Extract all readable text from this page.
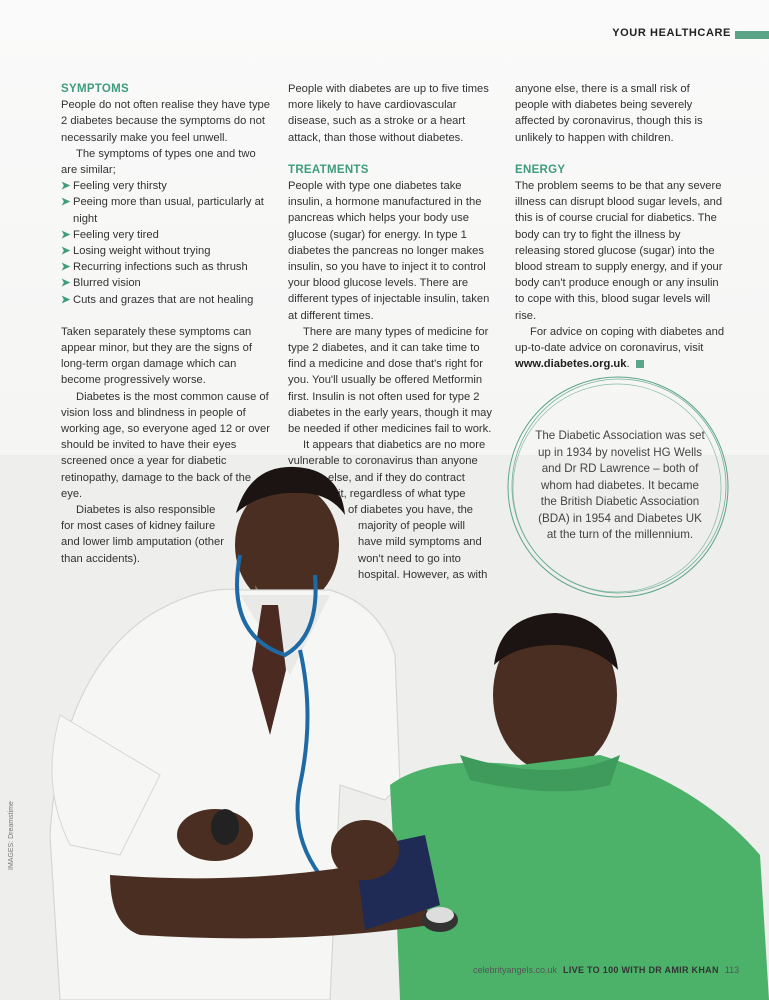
YOUR HEALTHCARE

SYMPTOMS

People do not often realise they have type 2 diabetes because the symptoms do not necessarily make you feel unwell.

The symptoms of types one and two are similar;

➤ Feeling very thirsty
➤ Peeing more than usual, particularly at night
➤ Feeling very tired
➤ Losing weight without trying
➤ Recurring infections such as thrush
➤ Blurred vision
➤ Cuts and grazes that are not healing

Taken separately these symptoms can appear minor, but they are the signs of long-term organ damage which can become progressively worse.

Diabetes is the most common cause of vision loss and blindness in people of working age, so everyone aged 12 or over should be invited to have their eyes screened once a year for diabetic retinopathy, damage to the back of the eye.

Diabetes is also responsible for most cases of kidney failure and lower limb amputation (other than accidents).

People with diabetes are up to five times more likely to have cardiovascular disease, such as a stroke or a heart attack, than those without diabetes.

TREATMENTS

People with type one diabetes take insulin, a hormone manufactured in the pancreas which helps your body use glucose (sugar) for energy. In type 1 diabetes the pancreas no longer makes insulin, so you have to inject it to control your blood glucose levels. There are different types of injectable insulin, taken at different times.

There are many types of medicine for type 2 diabetes, and it can take time to find a medicine and dose that's right for you. You'll usually be offered Metformin first. Insulin is not often used for type 2 diabetes in the early years, though it may be needed if other medicines fail to work.

It appears that diabetics are no more
vulnerable to coronavirus than anyone
else, and if they do contract
it, regardless of what type
of diabetes you have, the
majority of people will
have mild symptoms and
won't need to go into
hospital. However, as with

anyone else, there is a small risk of people with diabetes being severely affected by coronavirus, though this is unlikely to happen with children.

ENERGY

The problem seems to be that any severe illness can disrupt blood sugar levels, and this is of course crucial for diabetics. The body can try to fight the illness by releasing stored glucose (sugar) into the blood stream to supply energy, and if your body can't produce enough or any insulin to cope with this, blood sugar levels will rise.

For advice on coping with diabetes and up-to-date advice on coronavirus, visit www.diabetes.org.uk.

The Diabetic Association was set up in 1934 by novelist HG Wells and Dr RD Lawrence – both of whom had diabetes. It became the British Diabetic Association (BDA) in 1954 and Diabetes UK at the turn of the millennium.
IMAGES: Dreamstime
celebrityangels.co.uk LIVE TO 100 WITH DR AMIR KHAN 113
